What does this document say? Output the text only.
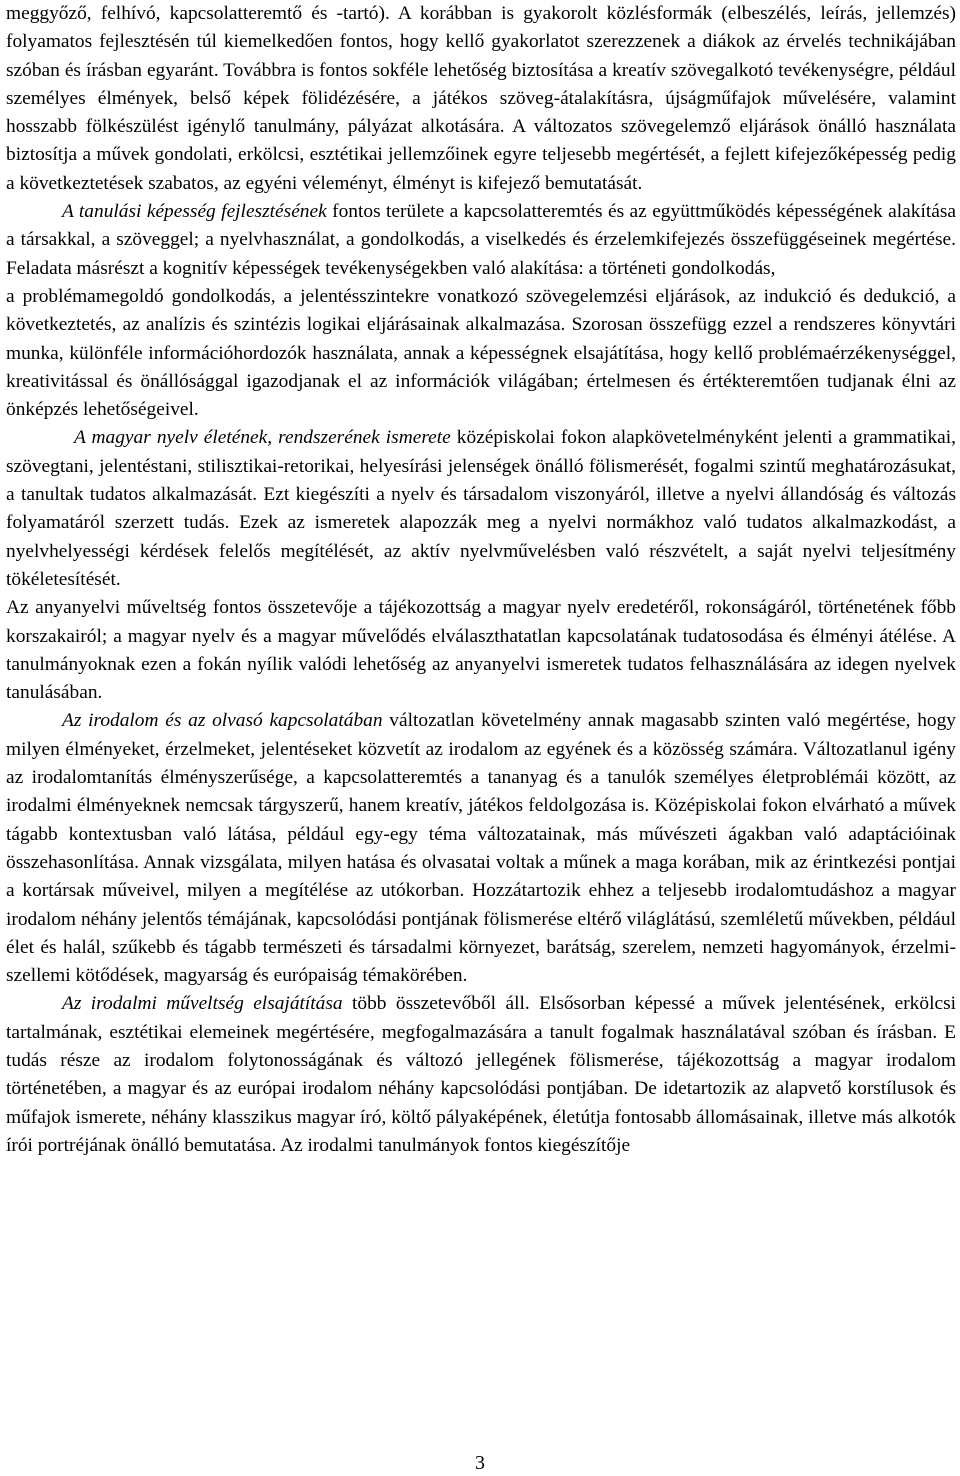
meggyőző, felhívó, kapcsolatteremtő és -tartó). A korábban is gyakorolt közlésformák (elbeszélés, leírás, jellemzés) folyamatos fejlesztésén túl kiemelkedően fontos, hogy kellő gyakorlatot szerezzenek a diákok az érvelés technikájában szóban és írásban egyaránt. Továbbra is fontos sokféle lehetőség biztosítása a kreatív szövegalkotó tevékenységre, például személyes élmények, belső képek fölidézésére, a játékos szöveg-átalakításra, újságműfajok művelésére, valamint hosszabb fölkészülést igénylő tanulmány, pályázat alkotására. A változatos szövegelemző eljárások önálló használata biztosítja a művek gondolati, erkölcsi, esztétikai jellemzőinek egyre teljesebb megértését, a fejlett kifejezőképesség pedig a következtetések szabatos, az egyéni véleményt, élményt is kifejező bemutatását.

A tanulási képesség fejlesztésének fontos területe a kapcsolatteremtés és az együttműködés képességének alakítása a társakkal, a szöveggel; a nyelvhasználat, a gondolkodás, a viselkedés és érzelemkifejezés összefüggéseinek megértése. Feladata másrészt a kognitív képességek tevékenységekben való alakítása: a történeti gondolkodás,

a problémamegoldó gondolkodás, a jelentésszintekre vonatkozó szövegelemzési eljárások, az indukció és dedukció, a következtetés, az analízis és szintézis logikai eljárásainak alkalmazása. Szorosan összefügg ezzel a rendszeres könyvtári munka, különféle információhordozók használata, annak a képességnek elsajátítása, hogy kellő problémaérzékenységgel, kreativitással és önállósággal igazodjanak el az információk világában; értelmesen és értékteremtően tudjanak élni az önképzés lehetőségeivel.

A magyar nyelv életének, rendszerének ismerete középiskolai fokon alapkövetelményként jelenti a grammatikai, szövegtani, jelentéstani, stilisztikai-retorikai, helyesírási jelenségek önálló fölismerését, fogalmi szintű meghatározásukat, a tanultak tudatos alkalmazását. Ezt kiegészíti a nyelv és társadalom viszonyáról, illetve a nyelvi állandóság és változás folyamatáról szerzett tudás. Ezek az ismeretek alapozzák meg a nyelvi normákhoz való tudatos alkalmazkodást, a nyelvhelyességi kérdések felelős megítélését, az aktív nyelvművelésben való részvételt, a saját nyelvi teljesítmény tökéletesítését.

Az anyanyelvi műveltség fontos összetevője a tájékozottság a magyar nyelv eredetéről, rokonságáról, történetének főbb korszakairól; a magyar nyelv és a magyar művelődés elválaszthatatlan kapcsolatának tudatosodása és élményi átélése. A tanulmányoknak ezen a fokán nyílik valódi lehetőség az anyanyelvi ismeretek tudatos felhasználására az idegen nyelvek tanulásában.

Az irodalom és az olvasó kapcsolatában változatlan követelmény annak magasabb szinten való megértése, hogy milyen élményeket, érzelmeket, jelentéseket közvetít az irodalom az egyének és a közösség számára. Változatlanul igény az irodalomtanítás élményszerűsége, a kapcsolatteremtés a tananyag és a tanulók személyes életproblémái között, az irodalmi élményeknek nemcsak tárgyszerű, hanem kreatív, játékos feldolgozása is. Középiskolai fokon elvárható a művek tágabb kontextusban való látása, például egy-egy téma változatainak, más művészeti ágakban való adaptációinak összehasonlítása. Annak vizsgálata, milyen hatása és olvasatai voltak a műnek a maga korában, mik az érintkezési pontjai a kortársak műveivel, milyen a megítélése az utókorban. Hozzátartozik ehhez a teljesebb irodalomtudáshoz a magyar irodalom néhány jelentős témájának, kapcsolódási pontjának fölismerése eltérő világlátású, szemléletű művekben, például élet és halál, szűkebb és tágabb természeti és társadalmi környezet, barátság, szerelem, nemzeti hagyományok, érzelmi-szellemi kötődések, magyarság és európaiság témakörében.

Az irodalmi műveltség elsajátítása több összetevőből áll. Elsősorban képessé a művek jelentésének, erkölcsi tartalmának, esztétikai elemeinek megértésére, megfogalmazására a tanult fogalmak használatával szóban és írásban. E tudás része az irodalom folytonosságának és változó jellegének fölismerése, tájékozottság a magyar irodalom történetében, a magyar és az európai irodalom néhány kapcsolódási pontjában. De idetartozik az alapvető korstílusok és műfajok ismerete, néhány klasszikus magyar író, költő pályaképének, életútja fontosabb állomásainak, illetve más alkotók írói portréjának önálló bemutatása. Az irodalmi tanulmányok fontos kiegészítője

3
